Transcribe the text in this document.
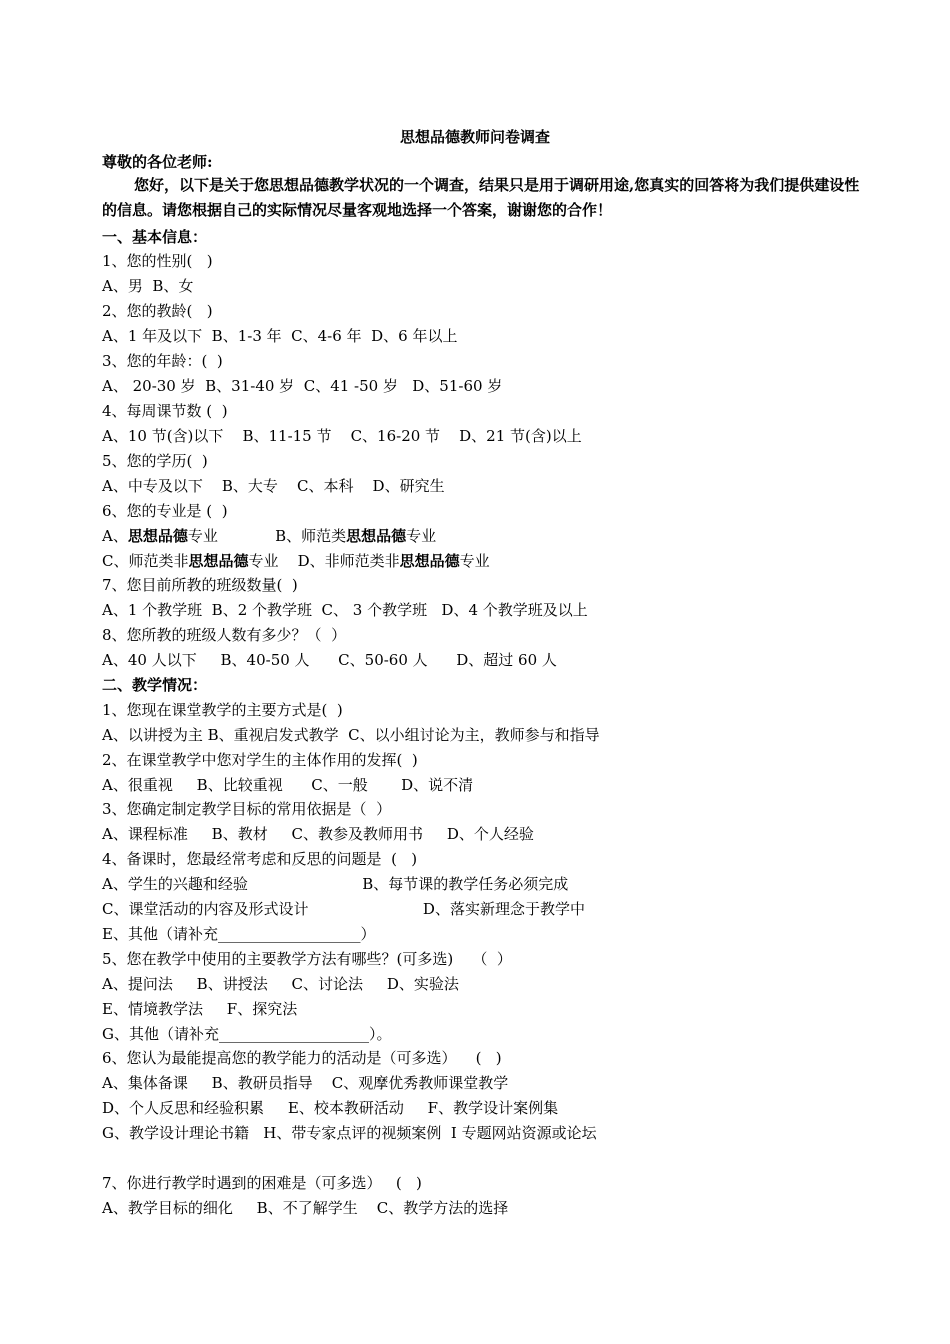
思想品德教师问卷调查

尊敬的各位老师:

您好，以下是关于您思想品德教学状况的一个调查，结果只是用于调研用途,您真实的回答将为我们提供建设性的信息。请您根据自己的实际情况尽量客观地选择一个答案，谢谢您的合作！

一、基本信息：

1、您的性别(   )

A、男  B、女

2、您的教龄(   )

A、1 年及以下  B、1-3 年  C、4-6 年  D、6 年以上

3、您的年龄：(  )

A、 20-30 岁  B、31-40 岁  C、41 -50 岁   D、51-60 岁

4、每周课节数 (  )

A、10 节(含)以下    B、11-15 节    C、16-20 节    D、21 节(含)以上

5、您的学历(  )

A、中专及以下    B、大专    C、本科    D、研究生

6、您的专业是 (  )

A、思想品德专业            B、师范类思想品德专业

C、师范类非思想品德专业    D、非师范类非思想品德专业

7、您目前所教的班级数量(  )

A、1 个教学班  B、2 个教学班  C、 3 个教学班   D、4 个教学班及以上

8、您所教的班级人数有多少？（  ）

A、40 人以下     B、40-50 人      C、50-60 人      D、超过 60 人

二、教学情况：

1、您现在课堂教学的主要方式是(  )

A、以讲授为主 B、重视启发式教学  C、以小组讨论为主，教师参与和指导

2、在课堂教学中您对学生的主体作用的发挥(  )

A、很重视     B、比较重视      C、一般       D、说不清

3、您确定制定教学目标的常用依据是（  ）

A、课程标准     B、教材     C、教参及教师用书     D、个人经验

4、备课时，您最经常考虑和反思的问题是  (   )

A、学生的兴趣和经验                        B、每节课的教学任务必须完成

C、课堂活动的内容及形式设计                        D、落实新理念于教学中

E、其他（请补充___________________）

5、您在教学中使用的主要教学方法有哪些？(可多选)    （  ）

A、提问法     B、讲授法     C、讨论法     D、实验法

E、情境教学法     F、探究法

G、其他（请补充____________________）。

6、您认为最能提高您的教学能力的活动是（可多选）    (   )

A、集体备课     B、教研员指导    C、观摩优秀教师课堂教学

D、个人反思和经验积累     E、校本教研活动     F、教学设计案例集

G、教学设计理论书籍   H、带专家点评的视频案例  I 专题网站资源或论坛

7、你进行教学时遇到的困难是（可多选）   (   )

A、教学目标的细化     B、不了解学生    C、教学方法的选择
